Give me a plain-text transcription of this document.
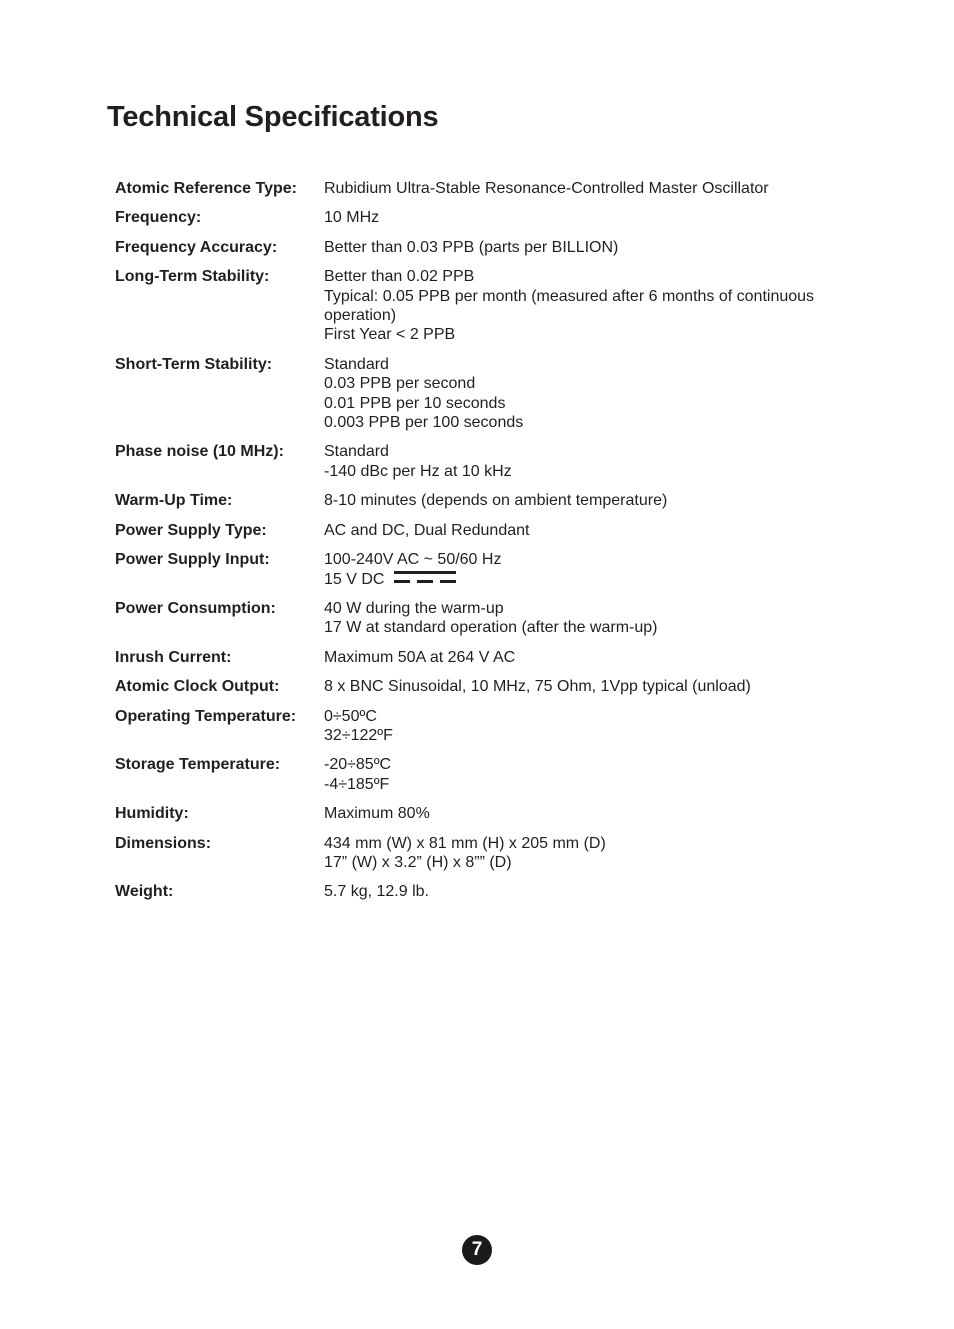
Technical Specifications
Atomic Reference Type:	Rubidium Ultra-Stable Resonance-Controlled Master Oscillator
Frequency:	10 MHz
Frequency Accuracy:	Better than 0.03 PPB (parts per BILLION)
Long-Term Stability:	Better than 0.02 PPB
Typical: 0.05 PPB per month (measured after 6 months of continuous operation)
First Year < 2 PPB
Short-Term Stability:	Standard
0.03 PPB per second
0.01 PPB per 10 seconds
0.003 PPB per 100 seconds
Phase noise (10 MHz):	Standard
-140 dBc per Hz at 10 kHz
Warm-Up Time:	8-10 minutes (depends on ambient temperature)
Power Supply Type:	AC and DC, Dual Redundant
Power Supply Input:	100-240V AC ~ 50/60 Hz
15 V DC
Power Consumption:	40 W during the warm-up
17 W at standard operation (after the warm-up)
Inrush Current:	Maximum 50A at 264 V AC
Atomic Clock Output:	8 x BNC Sinusoidal, 10 MHz, 75 Ohm, 1Vpp typical (unload)
Operating Temperature:	0÷50ºC
32÷122ºF
Storage Temperature:	-20÷85ºC
-4÷185ºF
Humidity:	Maximum 80%
Dimensions:	434 mm (W) x 81 mm (H) x 205 mm (D)
17” (W) x 3.2” (H) x 8”” (D)
Weight:	5.7 kg, 12.9 lb.
7
